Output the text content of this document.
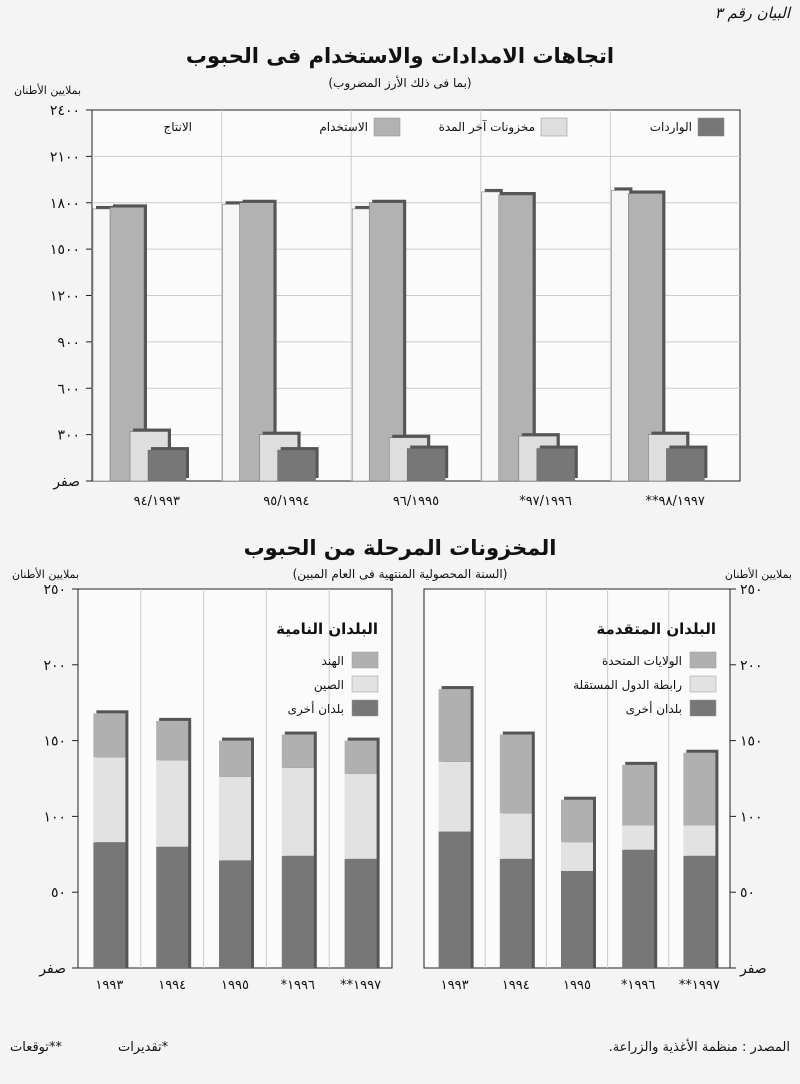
البيان رقم ٣
اتجاهات الامدادات والاستخدام فى الحبوب
(بما فى ذلك الأرز المضروب)
بملايين الأطنان
المخزونات المرحلة من الحبوب
(السنة المحصولية المنتهية فى العام المبين)
بملايين الأطنان	بملايين الأطنان
صفر
٣٠٠
٦٠٠
٩٠٠
١٢٠٠
١٥٠٠
١٨٠٠
٢١٠٠
٢٤٠٠
الانتاج	الاستخدام	مخزونات آخر المدة	الواردات
٩٤/١٩٩٣	٩٥/١٩٩٤	٩٦/١٩٩٥	*٩٧/١٩٩٦	**٩٨/١٩٩٧
صفر
٥٠
١٠٠
١٥٠
٢٠٠
٢٥٠
١٩٩٣	١٩٩٤	١٩٩٥ *١٩٩٦ **١٩٩٧
البلدان النامية
الهند
الصين
بلدان أخرى
صفر
٥٠
١٠٠
١٥٠
٢٠٠
٢٥٠
١٩٩٣	١٩٩٤	١٩٩٥ *١٩٩٦ **١٩٩٧
البلدان المتقدمة
الولايات المتحدة
رابطة الدول المستقلة
بلدان أخرى
المصدر : منظمة الأغذية والزراعة.
*تقديرات
**توقعات
